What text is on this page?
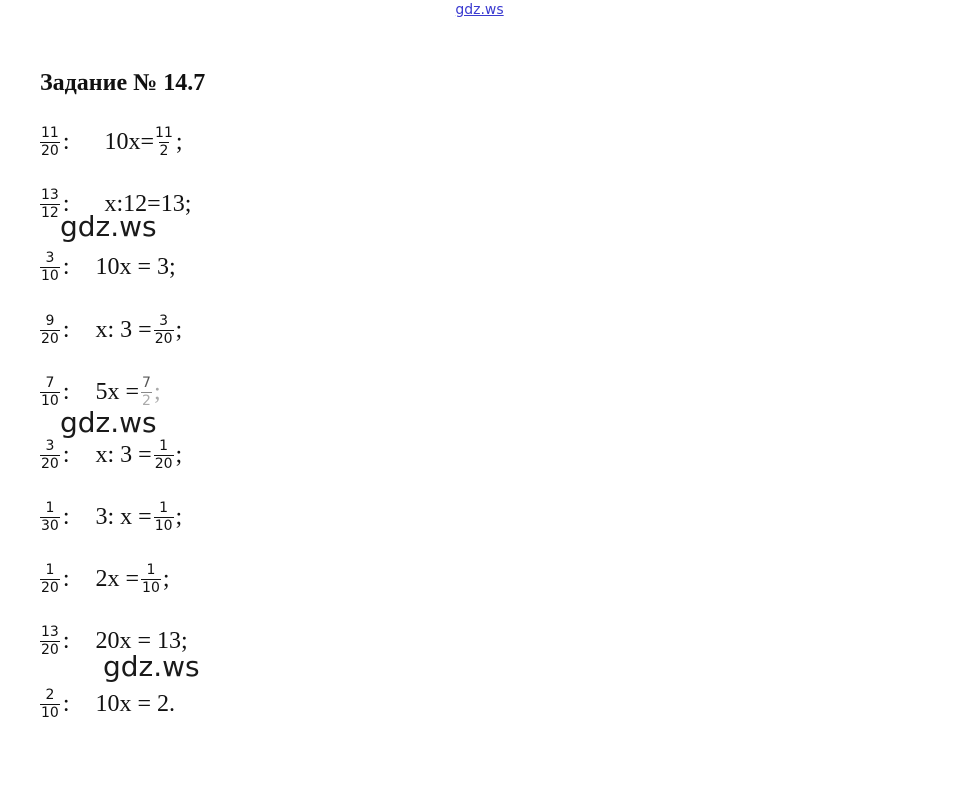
gdz.ws
Задание № 14.7
$\frac{11}{20}$ : $10x= \frac{11}{2}$ ;
$\frac{13}{12}$ : x:12=13;
$\frac{3}{10}$ : 10x = 3;
$\frac{9}{20}$ : x: $3 = \frac{3}{20}$ ;
$\frac{7}{10}$ : $5x = \frac{7}{2}$ ;
$\frac{3}{20}$ : x: $3 = \frac{1}{20}$ ;
$\frac{1}{30}$ : 3: $x = \frac{1}{10}$ ;
$\frac{1}{20}$ : $2x = \frac{1}{10}$ ;
$\frac{13}{20}$ : 20x = 13;
$\frac{2}{10}$ : 10x = 2.
gdz.ws
gdz.ws
gdz.ws
